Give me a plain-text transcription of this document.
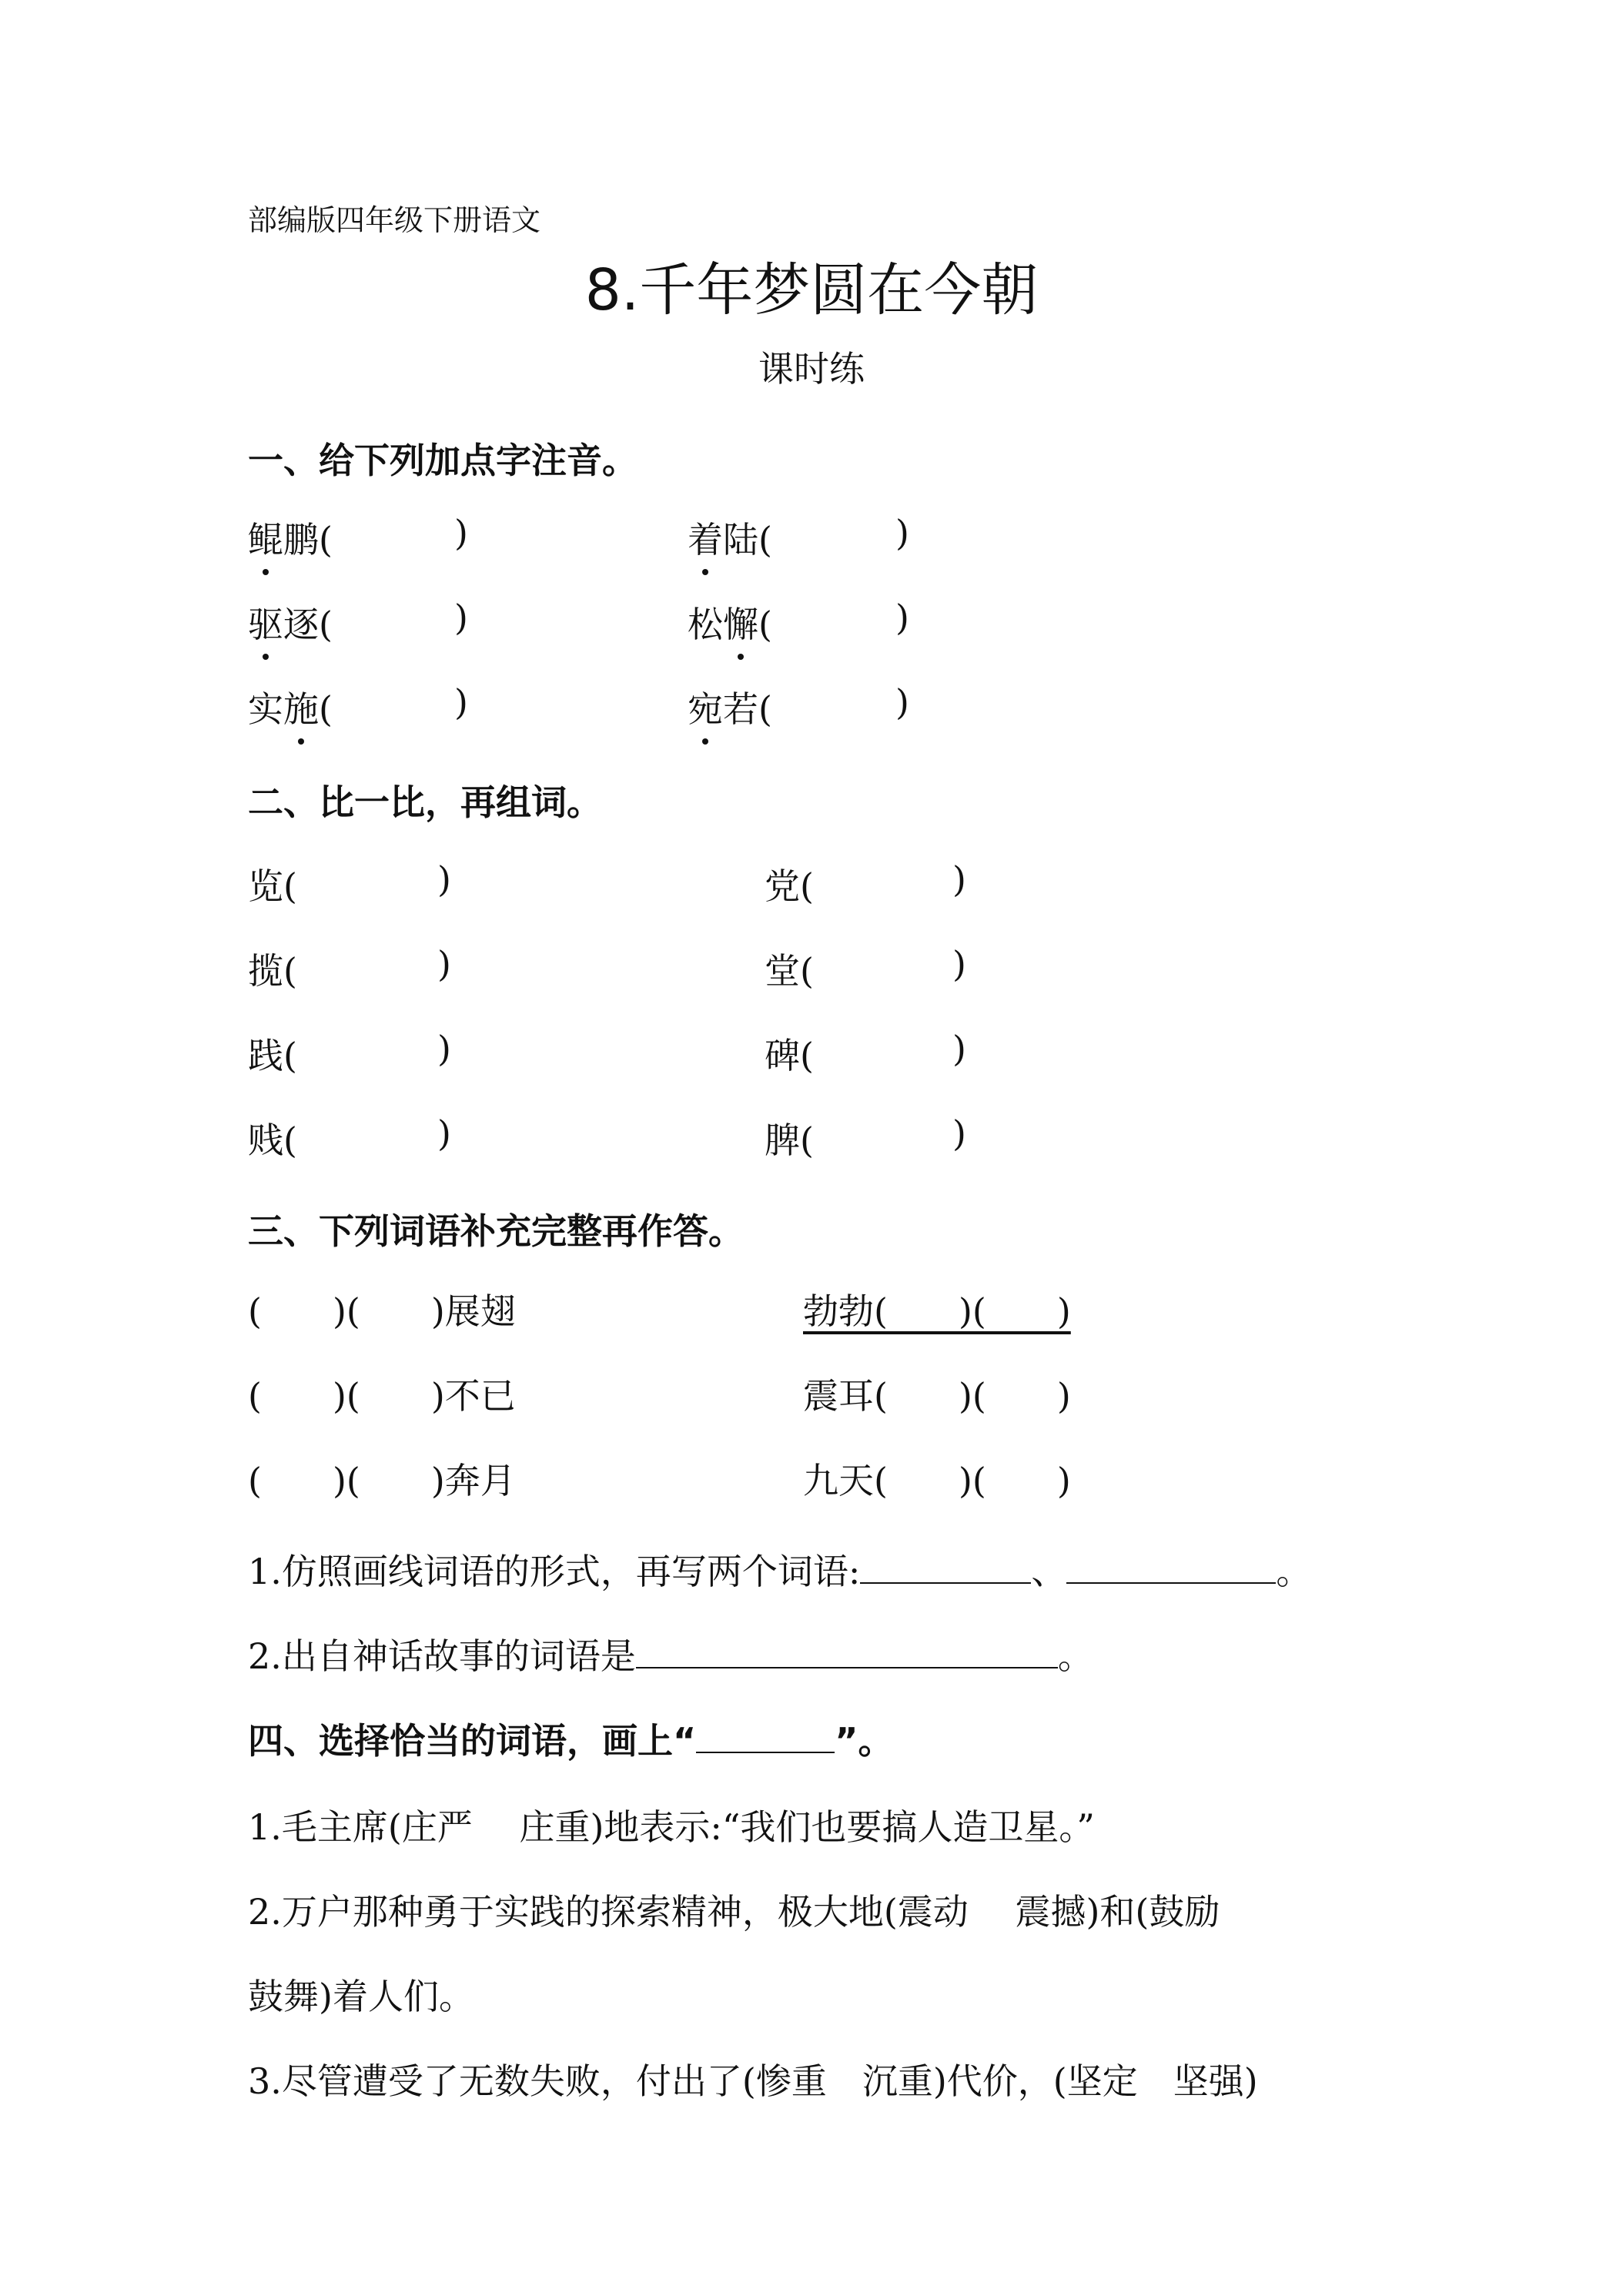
部编版四年级下册语文
8.千年梦圆在今朝
课时练
一、给下列加点字注音。
鲲鹏(	)	着陆(	)
驱逐(	)	松懈(	)
实施(	)	宛若(	)
二、比一比，再组词。
览(	)	党(	)
揽(	)	堂(	)
践(	)	碑(	)
贱(	)	脾(	)
三、下列词语补充完整再作答。
(　　)(　　)展翅	勃勃(　　)(　　)
(　　)(　　)不已	震耳(　　)(　　)
(　　)(　　)奔月	九天(　　)(　　)
1.仿照画线词语的形式，再写两个词语:	、	。
2.出自神话故事的词语是	。
四、选择恰当的词语，画上“	”。
1.毛主席(庄严　 庄重)地表示:“我们也要搞人造卫星。”
2.万户那种勇于实践的探索精神，极大地(震动　 震撼)和(鼓励
鼓舞)着人们。
3.尽管遭受了无数失败，付出了(惨重　沉重)代价，(坚定　坚强)
